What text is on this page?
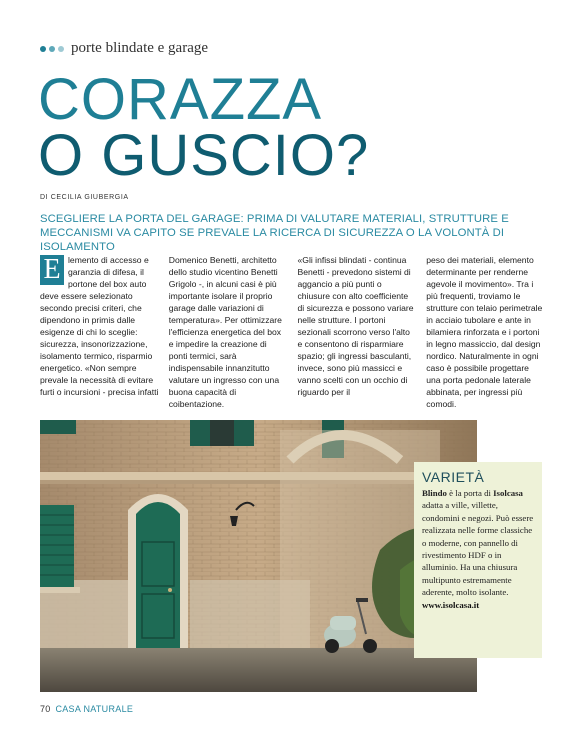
porte blindate e garage
CORAZZA
O GUSCIO?
DI CECILIA GIUBERGIA
SCEGLIERE LA PORTA DEL GARAGE: PRIMA DI VALUTARE MATERIALI, STRUTTURE E MECCANISMI VA CAPITO SE PREVALE LA RICERCA DI SICUREZZA O LA VOLONTÀ DI ISOLAMENTO

E lemento di accesso e garanzia di difesa, il portone del box auto deve essere selezionato secondo precisi criteri, che dipendono in primis dalle esigenze di chi lo sceglie: sicurezza, insonorizzazione, isolamento termico, risparmio energetico. «Non sempre prevale la necessità di evitare furti o incursioni - precisa infatti

Domenico Benetti, architetto dello studio vicentino Benetti Grigolo -, in alcuni casi è più importante isolare il proprio garage dalle variazioni di temperatura». Per ottimizzare l'efficienza energetica del box e impedire la creazione di ponti termici, sarà indispensabile innanzitutto valutare un ingresso con una buona capacità di coibentazione.

«Gli infissi blindati - continua Benetti - prevedono sistemi di aggancio a più punti o chiusure con alto coefficiente di sicurezza e possono variare nelle strutture. I portoni sezionali scorrono verso l'alto e consentono di risparmiare spazio; gli ingressi basculanti, invece, sono più massicci e vanno scelti con un occhio di riguardo per il

peso dei materiali, elemento determinante per renderne agevole il movimento». Tra i più frequenti, troviamo le strutture con telaio perimetrale in acciaio tubolare e ante in bilamiera rinforzata e i portoni in legno massiccio, dal design nordico. Naturalmente in ogni caso è possibile progettare una porta pedonale laterale abbinata, per ingressi più comodi.

VARIETÀ

Blindo è la porta di Isolcasa adatta a ville, villette, condomini e negozi. Può essere realizzata nelle forme classiche o moderne, con pannello di rivestimento HDF o in alluminio. Ha una chiusura multipunto estremamente aderente, molto isolante.

www.isolcasa.it
70 CASA NATURALE
